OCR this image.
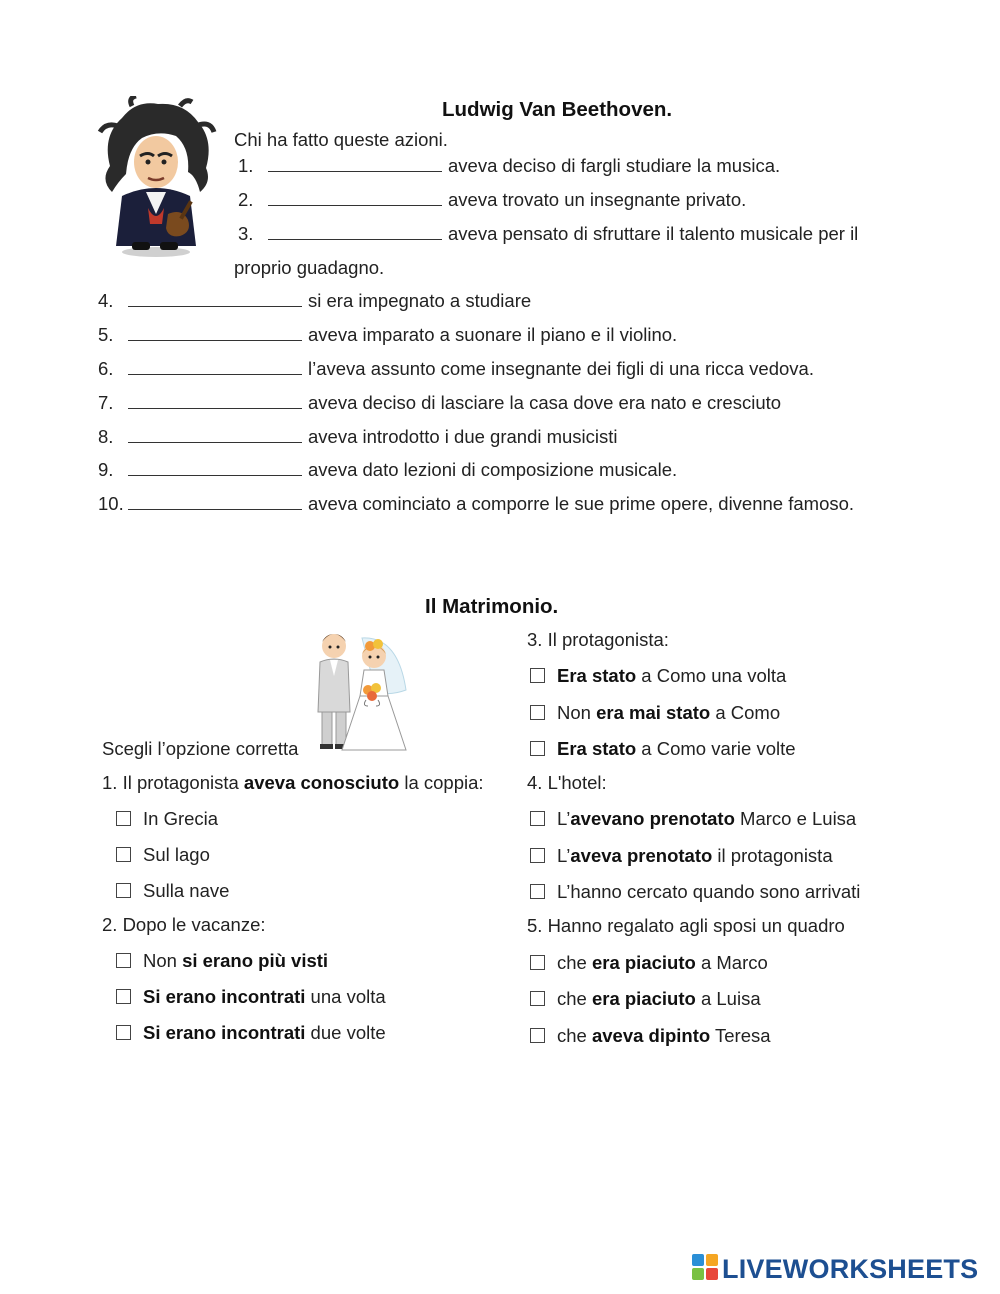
Ludwig Van Beethoven.
Chi ha fatto queste azioni.
1.	aveva deciso di fargli studiare la musica.
2.	aveva trovato un insegnante privato.
3.	aveva pensato di sfruttare il talento musicale per il
proprio guadagno.
4.	si era impegnato a studiare
5.	aveva imparato a suonare il piano e il violino.
6.	l’aveva assunto come insegnante dei figli di una ricca vedova.
7.	aveva deciso di lasciare la casa dove era nato e cresciuto
8.	aveva introdotto i due grandi musicisti
9.	aveva dato lezioni di composizione musicale.
10.	aveva cominciato a comporre le sue prime opere, divenne famoso.
Il Matrimonio.
Scegli l’opzione corretta
1. Il protagonista aveva conosciuto la coppia:
In Grecia
Sul lago
Sulla nave
2. Dopo le vacanze:
Non si erano più visti
Si erano incontrati una volta
Si erano incontrati due volte
3. Il protagonista:
Era stato a Como una volta
Non era mai stato a Como
Era stato a Como varie volte
4. L'hotel:
L’avevano prenotato Marco e Luisa
L’aveva prenotato il protagonista
L’hanno cercato quando sono arrivati
5. Hanno regalato agli sposi un quadro
che era piaciuto a Marco
che era piaciuto a Luisa
che aveva dipinto Teresa
LIVEWORKSHEETS
